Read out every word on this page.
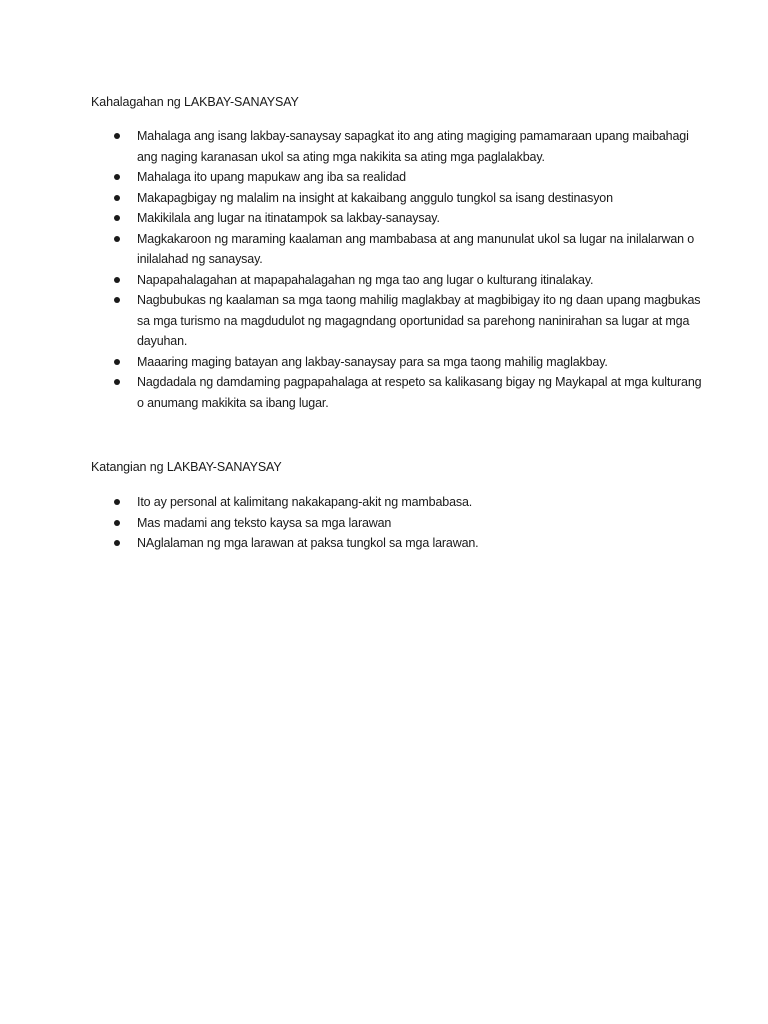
Kahalagahan ng LAKBAY-SANAYSAY
Mahalaga ang isang lakbay-sanaysay sapagkat ito ang ating magiging pamamaraan upang maibahagi ang naging karanasan ukol sa ating mga nakikita sa ating mga paglalakbay.
Mahalaga ito upang mapukaw ang iba sa realidad
Makapagbigay ng malalim na insight at kakaibang anggulo tungkol sa isang destinasyon
Makikilala ang lugar na itinatampok sa lakbay-sanaysay.
Magkakaroon ng maraming kaalaman ang mambabasa at ang manunulat ukol sa lugar na inilalarwan o inilalahad ng sanaysay.
Napapahalagahan at mapapahalagahan ng mga tao ang lugar o kulturang itinalakay.
Nagbubukas ng kaalaman sa mga taong mahilig maglakbay at magbibigay ito ng daan upang magbukas sa mga turismo na magdudulot ng magagndang oportunidad sa parehong naninirahan sa lugar at mga dayuhan.
Maaaring maging batayan ang lakbay-sanaysay para sa mga taong mahilig maglakbay.
Nagdadala ng damdaming pagpapahalaga at respeto sa kalikasang bigay ng Maykapal at mga kulturang o anumang makikita sa ibang lugar.
Katangian ng LAKBAY-SANAYSAY
Ito ay personal at kalimitang nakakapang-akit ng mambabasa.
Mas madami ang teksto kaysa sa mga larawan
NAglalaman ng mga larawan at paksa tungkol sa mga larawan.
